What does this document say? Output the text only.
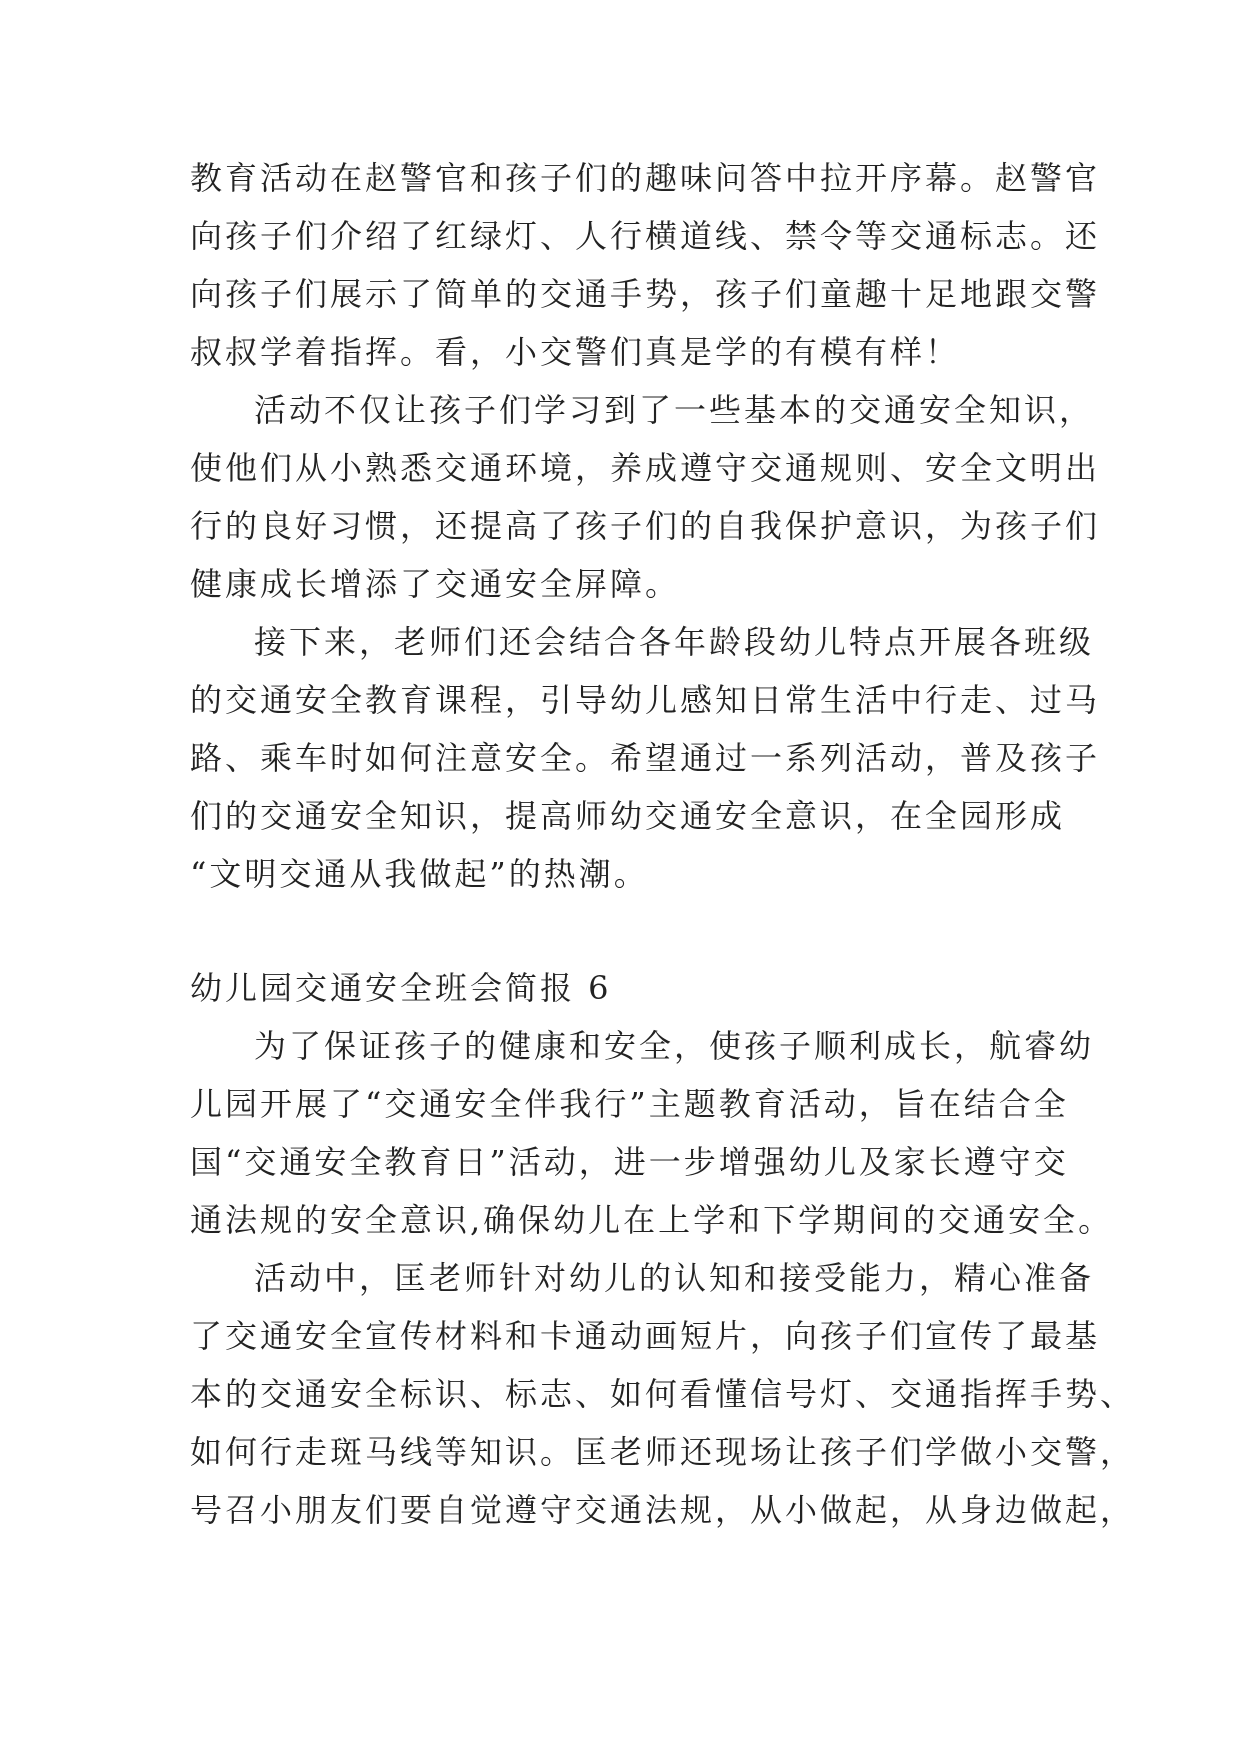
教育活动在赵警官和孩子们的趣味问答中拉开序幕。赵警官
向孩子们介绍了红绿灯、人行横道线、禁令等交通标志。还
向孩子们展示了简单的交通手势，孩子们童趣十足地跟交警
叔叔学着指挥。看，小交警们真是学的有模有样！
活动不仅让孩子们学习到了一些基本的交通安全知识，
使他们从小熟悉交通环境，养成遵守交通规则、安全文明出
行的良好习惯，还提高了孩子们的自我保护意识，为孩子们
健康成长增添了交通安全屏障。
接下来，老师们还会结合各年龄段幼儿特点开展各班级
的交通安全教育课程，引导幼儿感知日常生活中行走、过马
路、乘车时如何注意安全。希望通过一系列活动，普及孩子
们的交通安全知识，提高师幼交通安全意识，在全园形成
“文明交通从我做起”的热潮。
幼儿园交通安全班会简报 6
为了保证孩子的健康和安全，使孩子顺利成长，航睿幼
儿园开展了“交通安全伴我行”主题教育活动，旨在结合全
国“交通安全教育日”活动，进一步增强幼儿及家长遵守交
通法规的安全意识,确保幼儿在上学和下学期间的交通安全。
活动中，匡老师针对幼儿的认知和接受能力，精心准备
了交通安全宣传材料和卡通动画短片，向孩子们宣传了最基
本的交通安全标识、标志、如何看懂信号灯、交通指挥手势、
如何行走斑马线等知识。匡老师还现场让孩子们学做小交警，
号召小朋友们要自觉遵守交通法规，从小做起，从身边做起，
